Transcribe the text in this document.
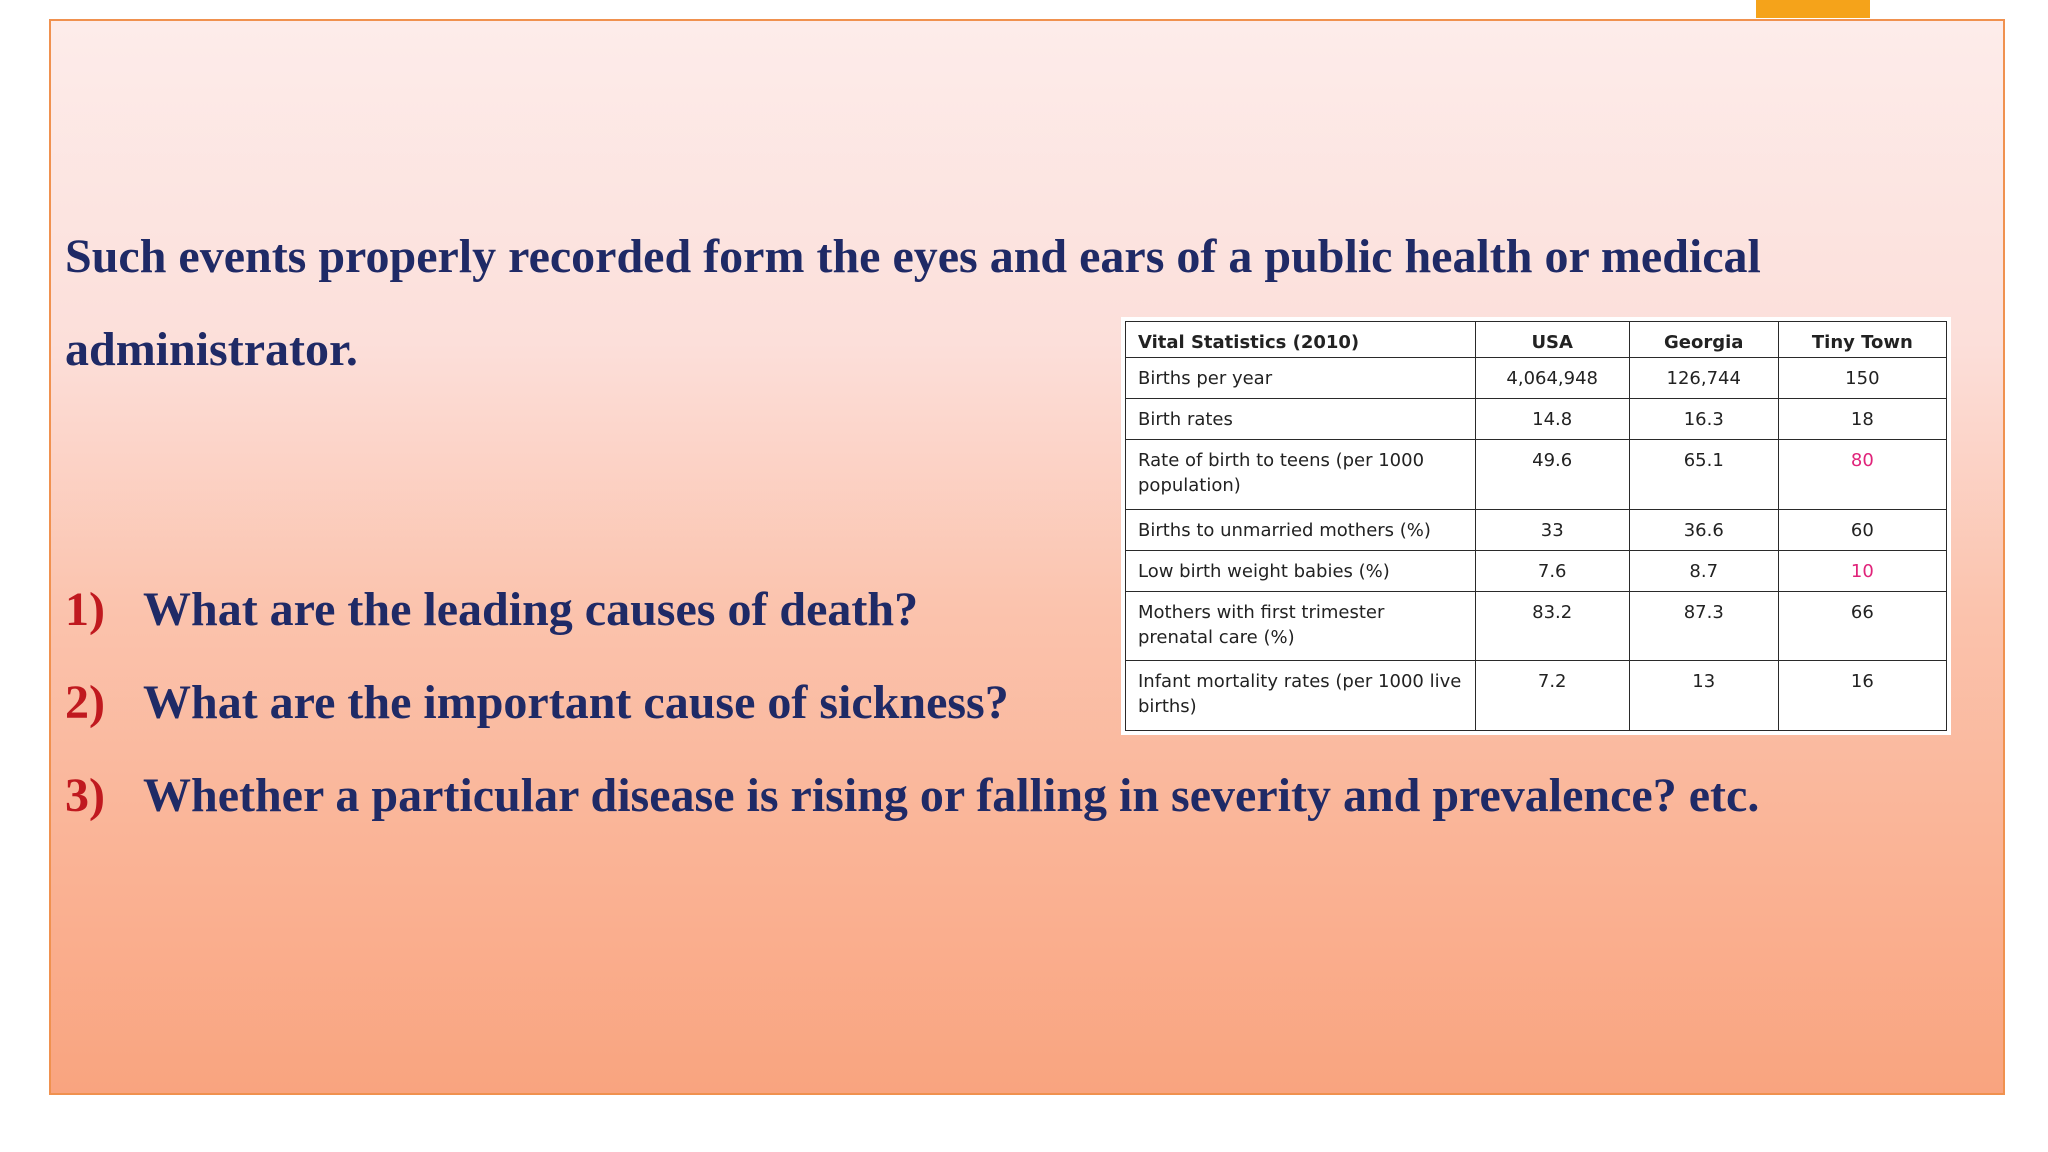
Such events properly recorded form the eyes and ears of a public health or medical administrator.

1) What are the leading causes of death?

2) What are the important cause of sickness?

3) Whether a particular disease is rising or falling in severity and prevalence? etc.

Vital Statistics (2010)	USA	Georgia	Tiny Town
Births per year	4,064,948	126,744	150
Birth rates	14.8	16.3	18
Rate of birth to teens (per 1000 population)	49.6	65.1	80
Births to unmarried mothers (%)	33	36.6	60
Low birth weight babies (%)	7.6	8.7	10
Mothers with first trimester prenatal care (%)	83.2	87.3	66
Infant mortality rates (per 1000 live births)	7.2	13	16
